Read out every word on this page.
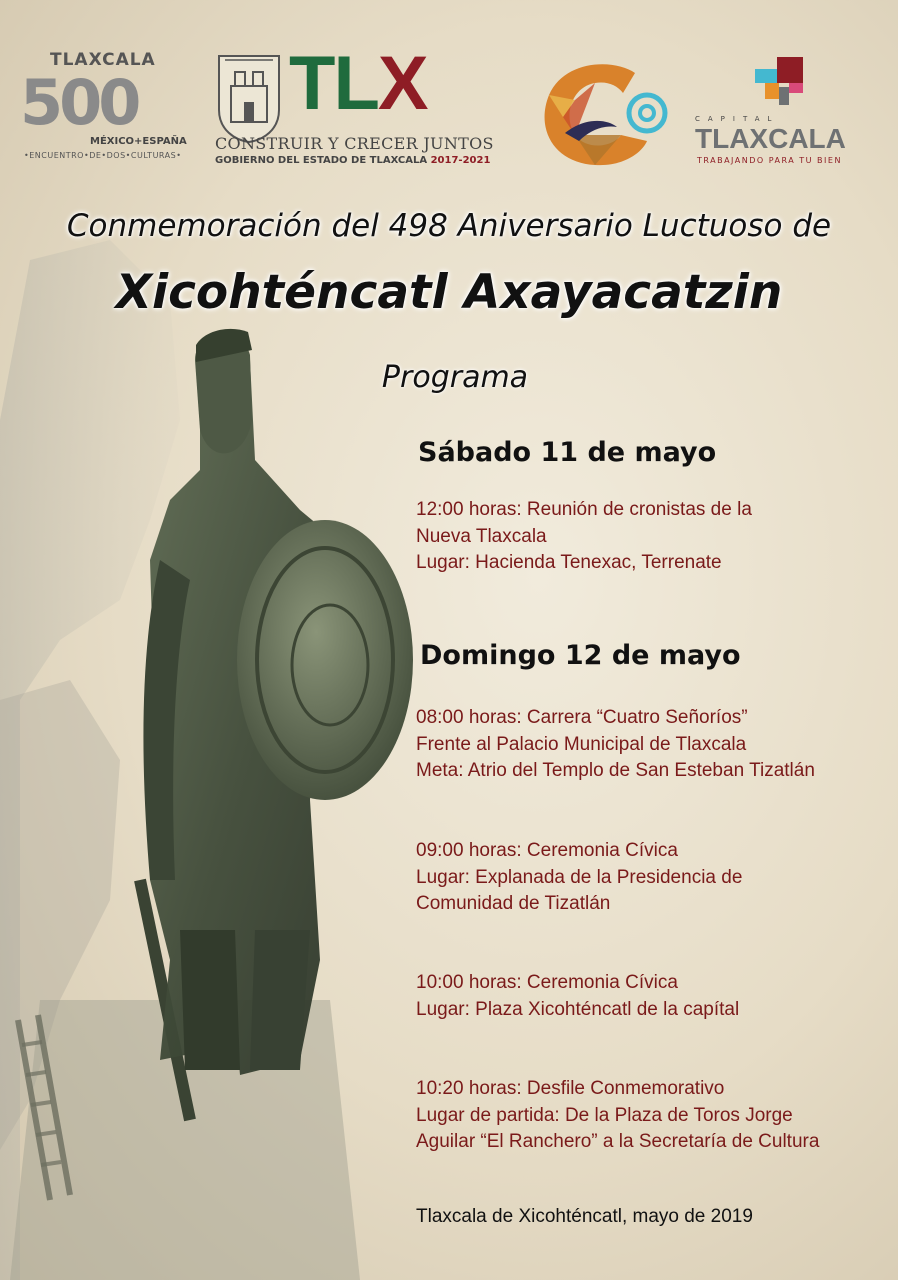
TLAXCALA
500
MÉXICO+ESPAÑA
•ENCUENTRO•DE•DOS•CULTURAS•
TLX
CONSTRUIR Y CRECER JUNTOS
GOBIERNO DEL ESTADO DE TLAXCALA 2017-2021
CAPITAL
TLAXCALA
TRABAJANDO PARA TU BIEN
Conmemoración del 498 Aniversario Luctuoso de
Xicohténcatl Axayacatzin
Programa
Sábado 11 de mayo
12:00 horas: Reunión de cronistas de la
Nueva Tlaxcala
Lugar: Hacienda Tenexac, Terrenate
Domingo 12 de mayo
08:00 horas: Carrera “Cuatro Señoríos”
Frente al Palacio Municipal de Tlaxcala
Meta: Atrio del Templo de San Esteban Tizatlán
09:00 horas: Ceremonia Cívica
Lugar: Explanada de la Presidencia de
Comunidad de Tizatlán
10:00 horas: Ceremonia Cívica
Lugar: Plaza Xicohténcatl de la capítal
10:20 horas: Desfile Conmemorativo
Lugar de partida: De la Plaza de Toros Jorge
Aguilar “El Ranchero” a la Secretaría de Cultura
Tlaxcala de Xicohténcatl, mayo de 2019
